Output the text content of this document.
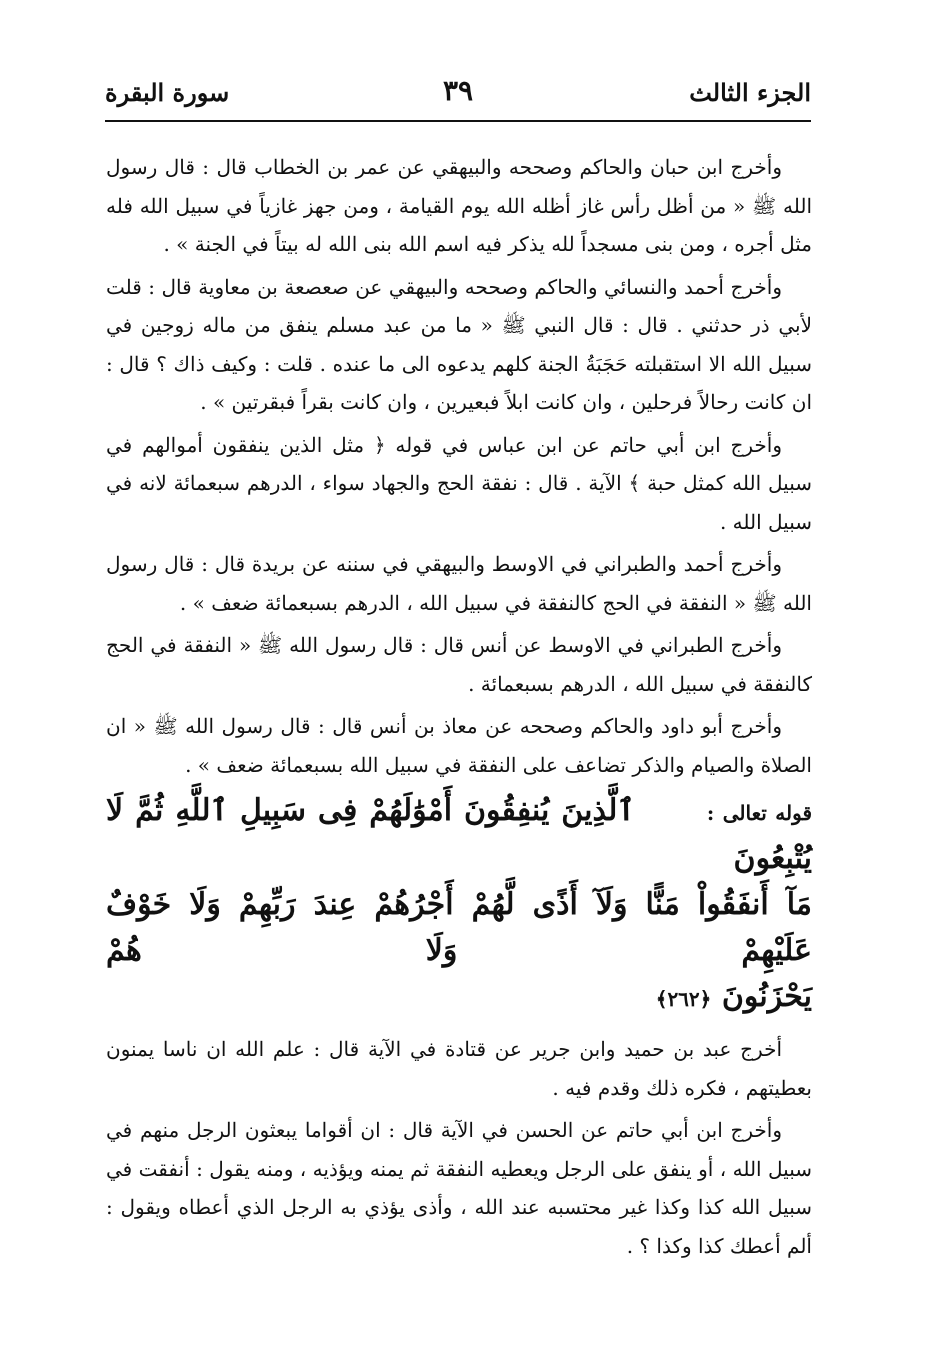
الجزء الثالث
٣٩
سورة البقرة

وأخرج ابن حبان والحاكم وصححه والبيهقي عن عمر بن الخطاب قال : قال رسول الله ﷺ « من أظل رأس غاز أظله الله يوم القيامة ، ومن جهز غازياً في سبيل الله فله مثل أجره ، ومن بنى مسجداً لله يذكر فيه اسم الله بنى الله له بيتاً في الجنة » .

وأخرج أحمد والنسائي والحاكم وصححه والبيهقي عن صعصعة بن معاوية قال : قلت لأبي ذر حدثني . قال : قال النبي ﷺ « ما من عبد مسلم ينفق من ماله زوجين في سبيل الله الا استقبلته حَجَبَةُ الجنة كلهم يدعوه الى ما عنده . قلت : وكيف ذاك ؟ قال : ان كانت رحالاً فرحلين ، وان كانت ابلاً فبعيرين ، وان كانت بقراً فبقرتين » .

وأخرج ابن أبي حاتم عن ابن عباس في قوله ﴿ مثل الذين ينفقون أموالهم في سبيل الله كمثل حبة ﴾ الآية . قال : نفقة الحج والجهاد سواء ، الدرهم سبعمائة لانه في سبيل الله .

وأخرج أحمد والطبراني في الاوسط والبيهقي في سننه عن بريدة قال : قال رسول الله ﷺ « النفقة في الحج كالنفقة في سبيل الله ، الدرهم بسبعمائة ضعف » .

وأخرج الطبراني في الاوسط عن أنس قال : قال رسول الله ﷺ « النفقة في الحج كالنفقة في سبيل الله ، الدرهم بسبعمائة .

وأخرج أبو داود والحاكم وصححه عن معاذ بن أنس قال : قال رسول الله ﷺ « ان الصلاة والصيام والذكر تضاعف على النفقة في سبيل الله بسبعمائة ضعف » .

قوله تعالى : ٱلَّذِينَ يُنفِقُونَ أَمْوَٰلَهُمْ فِى سَبِيلِ ٱللَّهِ ثُمَّ لَا يُتْبِعُونَ
مَآ أَنفَقُواْ مَنًّا وَلَآ أَذًى لَّهُمْ أَجْرُهُمْ عِندَ رَبِّهِمْ وَلَا خَوْفٌ عَلَيْهِمْ وَلَا هُمْ
يَحْزَنُونَ ﴿٢٦٢﴾

أخرج عبد بن حميد وابن جرير عن قتادة في الآية قال : علم الله ان ناسا يمنون بعطيتهم ، فكره ذلك وقدم فيه .

وأخرج ابن أبي حاتم عن الحسن في الآية قال : ان أقواما يبعثون الرجل منهم في سبيل الله ، أو ينفق على الرجل ويعطيه النفقة ثم يمنه ويؤذيه ، ومنه يقول : أنفقت في سبيل الله كذا وكذا غير محتسبه عند الله ، وأذى يؤذي به الرجل الذي أعطاه ويقول : ألم أعطك كذا وكذا ؟ .
